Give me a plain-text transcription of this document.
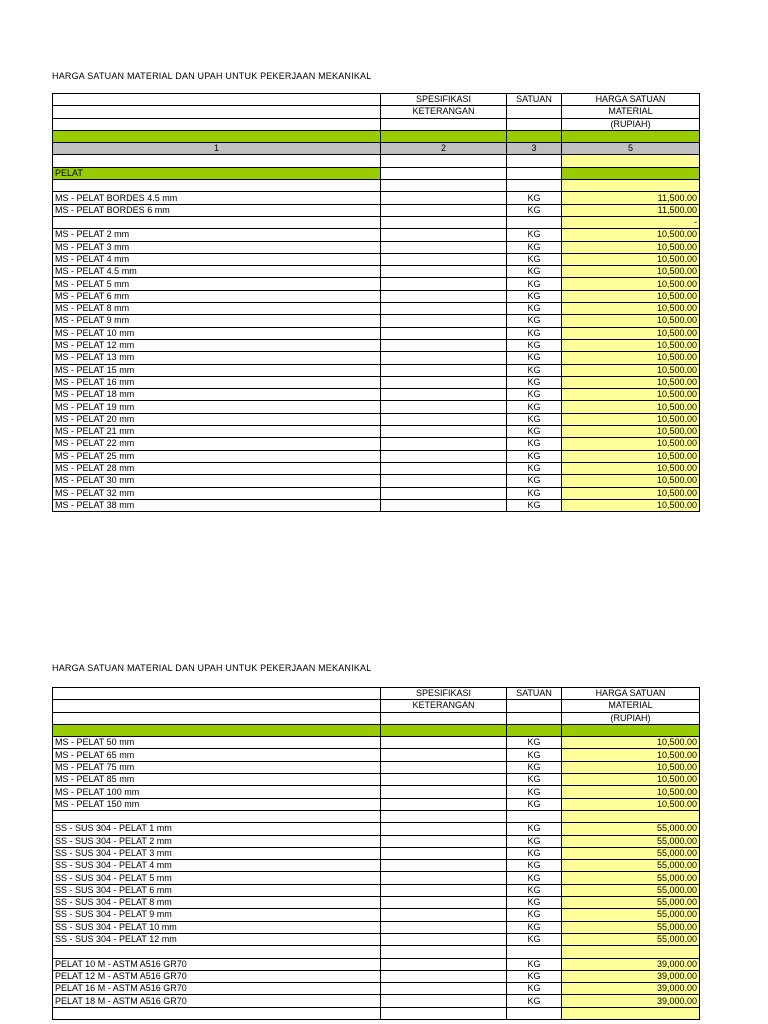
HARGA SATUAN MATERIAL DAN UPAH UNTUK PEKERJAAN MEKANIKAL
	SPESIFIKASI	SATUAN	HARGA SATUAN
	KETERANGAN		MATERIAL
			(RUPIAH)

1	2	3	5

PELAT			

MS - PELAT BORDES 4.5 mm		KG	11,500.00
MS - PELAT BORDES 6 mm		KG	11,500.00
			-
MS - PELAT 2 mm		KG	10,500.00
MS - PELAT 3 mm		KG	10,500.00
MS - PELAT 4 mm		KG	10,500.00
MS - PELAT 4.5 mm		KG	10,500.00
MS - PELAT 5 mm		KG	10,500.00
MS - PELAT 6 mm		KG	10,500.00
MS - PELAT 8 mm		KG	10,500.00
MS - PELAT 9 mm		KG	10,500.00
MS - PELAT 10 mm		KG	10,500.00
MS - PELAT 12 mm		KG	10,500.00
MS - PELAT 13 mm		KG	10,500.00
MS - PELAT 15 mm		KG	10,500.00
MS - PELAT 16 mm		KG	10,500.00
MS - PELAT 18 mm		KG	10,500.00
MS - PELAT 19 mm		KG	10,500.00
MS - PELAT 20 mm		KG	10,500.00
MS - PELAT 21 mm		KG	10,500.00
MS - PELAT 22 mm		KG	10,500.00
MS - PELAT 25 mm		KG	10,500.00
MS - PELAT 28 mm		KG	10,500.00
MS - PELAT 30 mm		KG	10,500.00
MS - PELAT 32 mm		KG	10,500.00
MS - PELAT 38 mm		KG	10,500.00
HARGA SATUAN MATERIAL DAN UPAH UNTUK PEKERJAAN MEKANIKAL
	SPESIFIKASI	SATUAN	HARGA SATUAN
	KETERANGAN		MATERIAL
			(RUPIAH)

MS - PELAT 50 mm		KG	10,500.00
MS - PELAT 65 mm		KG	10,500.00
MS - PELAT 75 mm		KG	10,500.00
MS - PELAT 85 mm		KG	10,500.00
MS - PELAT 100 mm		KG	10,500.00
MS - PELAT 150 mm		KG	10,500.00

SS - SUS 304 - PELAT 1 mm		KG	55,000.00
SS - SUS 304 - PELAT 2 mm		KG	55,000.00
SS - SUS 304 - PELAT 3 mm		KG	55,000.00
SS - SUS 304 - PELAT 4 mm		KG	55,000.00
SS - SUS 304 - PELAT 5 mm		KG	55,000.00
SS - SUS 304 - PELAT 6 mm		KG	55,000.00
SS - SUS 304 - PELAT 8 mm		KG	55,000.00
SS - SUS 304 - PELAT 9 mm		KG	55,000.00
SS - SUS 304 - PELAT 10 mm		KG	55,000.00
SS - SUS 304 - PELAT 12 mm		KG	55,000.00

PELAT 10 M - ASTM A516 GR70		KG	39,000.00
PELAT 12 M - ASTM A516 GR70		KG	39,000.00
PELAT 16 M - ASTM A516 GR70		KG	39,000.00
PELAT 18 M - ASTM A516 GR70		KG	39,000.00
